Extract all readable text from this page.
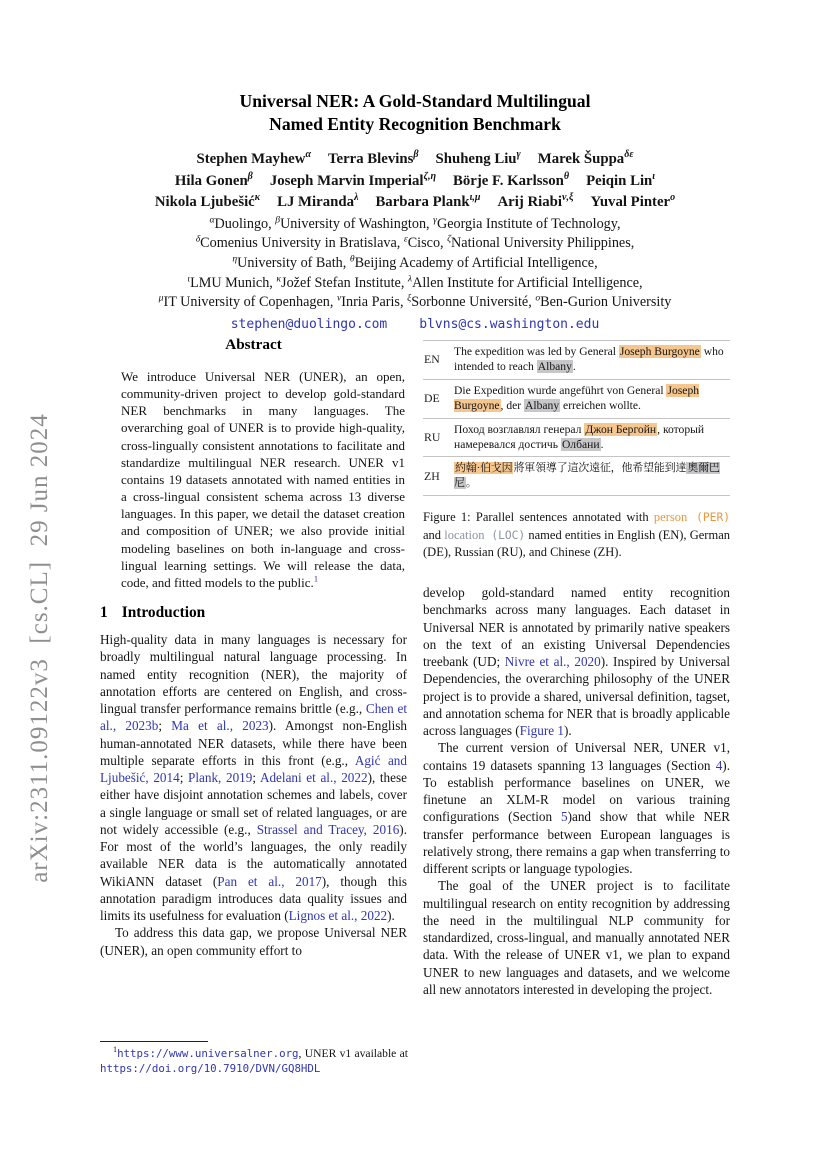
arXiv:2311.09122v3  [cs.CL]  29 Jun 2024
Universal NER: A Gold-Standard Multilingual
Named Entity Recognition Benchmark
Stephen Mayhew$^\alpha$ Terra Blevins$^\beta$ Shuheng Liu$^\gamma$ Marek Šuppa$^{\delta\varepsilon}$
Hila Gonen$^\beta$ Joseph Marvin Imperial$^{\zeta,\eta}$ Börje F. Karlsson$^\theta$ Peiqin Lin$^\iota$
Nikola Ljubešić$^\kappa$ LJ Miranda$^\lambda$ Barbara Plank$^{\iota,\mu}$ Arij Riabi$^{\nu,\xi}$ Yuval Pinter$^o$
$^\alpha$Duolingo, $^\beta$University of Washington, $^\gamma$Georgia Institute of Technology,
$^\delta$Comenius University in Bratislava, $^\varepsilon$Cisco, $^\zeta$National University Philippines,
$^\eta$University of Bath, $^\theta$Beijing Academy of Artificial Intelligence,
$^\iota$LMU Munich, $^\kappa$Jožef Stefan Institute, $^\lambda$Allen Institute for Artificial Intelligence,
$^\mu$IT University of Copenhagen, $^\nu$Inria Paris, $^\xi$Sorbonne Université, $^o$Ben-Gurion University
stephen@duolingo.com blvns@cs.washington.edu
Abstract

We introduce Universal NER (UNER), an open, community-driven project to develop gold-standard NER benchmarks in many languages. The overarching goal of UNER is to provide high-quality, cross-lingually consistent annotations to facilitate and standardize multilingual NER research. UNER v1 contains 19 datasets annotated with named entities in a cross-lingual consistent schema across 13 diverse languages. In this paper, we detail the dataset creation and composition of UNER; we also provide initial modeling baselines on both in-language and cross-lingual learning settings. We will release the data, code, and fitted models to the public.$^1$

1 Introduction

High-quality data in many languages is necessary for broadly multilingual natural language processing. In named entity recognition (NER), the majority of annotation efforts are centered on English, and cross-lingual transfer performance remains brittle (e.g., Chen et al., 2023b; Ma et al., 2023). Amongst non-English human-annotated NER datasets, while there have been multiple separate efforts in this front (e.g., Agić and Ljubešić, 2014; Plank, 2019; Adelani et al., 2022), these either have disjoint annotation schemes and labels, cover a single language or small set of related languages, or are not widely accessible (e.g., Strassel and Tracey, 2016). For most of the world’s languages, the only readily available NER data is the automatically annotated WikiANN dataset (Pan et al., 2017), though this annotation paradigm introduces data quality issues and limits its usefulness for evaluation (Lignos et al., 2022).

To address this data gap, we propose Universal NER (UNER), an open community effort to

EN
The expedition was led by General Joseph Burgoyne who intended to reach Albany.
DE
Die Expedition wurde angeführt von General Joseph Burgoyne, der Albany erreichen wollte.
RU
Поход возглавлял генерал Джон Бергойн, который намеревался достичь Олбани.
ZH
約翰·伯戈因將軍領導了這次遠征，他希望能到達奧爾巴尼。
Figure 1: Parallel sentences annotated with person (PER) and location (LOC) named entities in English (EN), German (DE), Russian (RU), and Chinese (ZH).

develop gold-standard named entity recognition benchmarks across many languages. Each dataset in Universal NER is annotated by primarily native speakers on the text of an existing Universal Dependencies treebank (UD; Nivre et al., 2020). Inspired by Universal Dependencies, the overarching philosophy of the UNER project is to provide a shared, universal definition, tagset, and annotation schema for NER that is broadly applicable across languages (Figure 1).

The current version of Universal NER, UNER v1, contains 19 datasets spanning 13 languages (Section 4). To establish performance baselines on UNER, we finetune an XLM-R model on various training configurations (Section 5)and show that while NER transfer performance between European languages is relatively strong, there remains a gap when transferring to different scripts or language typologies.

The goal of the UNER project is to facilitate multilingual research on entity recognition by addressing the need in the multilingual NLP community for standardized, cross-lingual, and manually annotated NER data. With the release of UNER v1, we plan to expand UNER to new languages and datasets, and we welcome all new annotators interested in developing the project.

$^1$https://www.universalner.org, UNER v1 available at https://doi.org/10.7910/DVN/GQ8HDL
